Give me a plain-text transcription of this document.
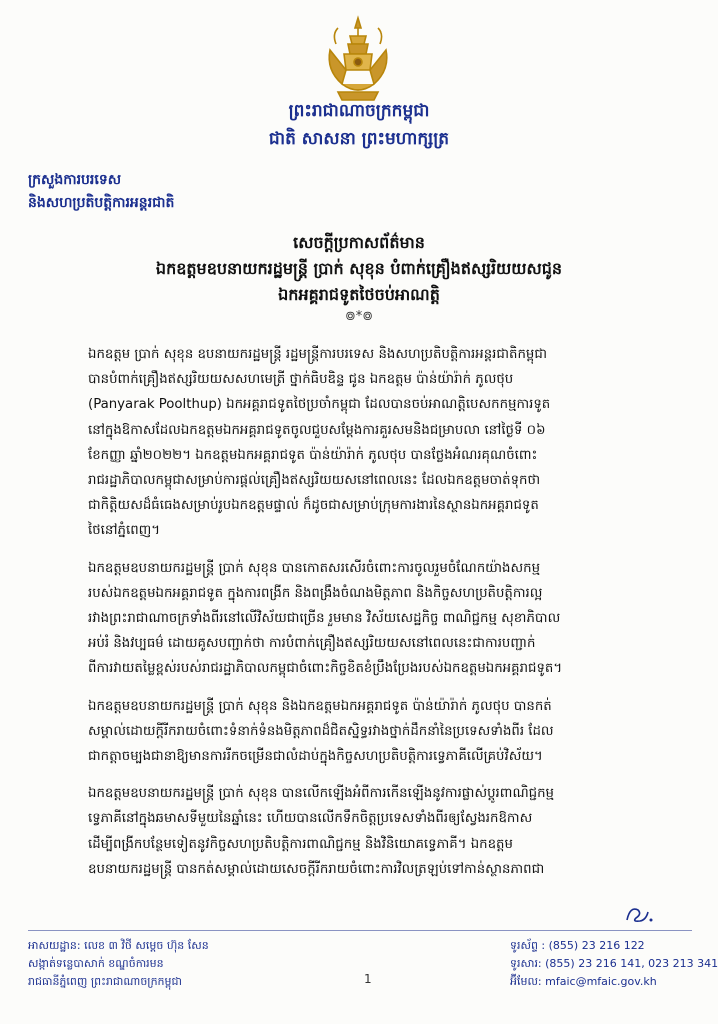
ព្រះរាជាណាចក្រកម្ពុជា
ជាតិ សាសនា ព្រះមហាក្សត្រ
ក្រសួងការបរទេស
និងសហប្រតិបត្តិការអន្តរជាតិ
សេចក្តីប្រកាសព័ត៌មាន
ឯកឧត្តមឧបនាយករដ្ឋមន្ត្រី ប្រាក់ សុខុន បំពាក់គ្រឿងឥស្សរិយយសជូន
ឯកអគ្គរាជទូតថៃចប់អាណត្តិ
៙*៙

ឯកឧត្តម ប្រាក់ សុខុន ឧបនាយករដ្ឋមន្ត្រី រដ្ឋមន្ត្រីការបរទេស និងសហប្រតិបត្តិការអន្តរជាតិកម្ពុជា
បានបំពាក់គ្រឿងឥស្សរិយយសសហមេត្រី ថ្នាក់ធិបឌិន្ទ ជូន ឯកឧត្តម ប៉ាន់យ៉ារ៉ាក់ ភូលថុប
(Panyarak Poolthup) ឯកអគ្គរាជទូតថៃប្រចាំកម្ពុជា ដែលបានចប់អាណត្តិបេសកកម្មការទូត
នៅក្នុងឱកាសដែលឯកឧត្តមឯកអគ្គរាជទូតចូលជួបសម្តែងការគួរសមនិងជម្រាបលា នៅថ្ងៃទី ០៦
ខែកញ្ញា ឆ្នាំ២០២២។ ឯកឧត្តមឯកអគ្គរាជទូត ប៉ាន់យ៉ារ៉ាក់ ភូលថុប បានថ្លែងអំណរគុណចំពោះ
រាជរដ្ឋាភិបាលកម្ពុជាសម្រាប់ការផ្តល់គ្រឿងឥស្សរិយយសនៅពេលនេះ ដែលឯកឧត្តមចាត់ទុកថា
ជាកិត្តិយសដ៏ធំធេងសម្រាប់រូបឯកឧត្តមផ្ទាល់ ក៏ដូចជាសម្រាប់ក្រុមការងារនៃស្ថានឯកអគ្គរាជទូត
ថៃនៅភ្នំពេញ។

ឯកឧត្តមឧបនាយករដ្ឋមន្ត្រី ប្រាក់ សុខុន បានកោតសរសើរចំពោះការចូលរួមចំណែកយ៉ាងសកម្ម
របស់ឯកឧត្តមឯកអគ្គរាជទូត ក្នុងការពង្រីក និងពង្រឹងចំណងមិត្តភាព និងកិច្ចសហប្រតិបត្តិការល្អ
រវាងព្រះរាជាណាចក្រទាំងពីរនៅលើវិស័យជាច្រើន រួមមាន វិស័យសេដ្ឋកិច្ច ពាណិជ្ជកម្ម សុខាភិបាល
អប់រំ និងវប្បធម៌ ដោយគូសបញ្ជាក់ថា ការបំពាក់គ្រឿងឥស្សរិយយសនៅពេលនេះជាការបញ្ជាក់
ពីការវាយតម្លៃខ្ពស់របស់រាជរដ្ឋាភិបាលកម្ពុជាចំពោះកិច្ចខិតខំប្រឹងប្រែងរបស់ឯកឧត្តមឯកអគ្គរាជទូត។

ឯកឧត្តមឧបនាយករដ្ឋមន្ត្រី ប្រាក់ សុខុន និងឯកឧត្តមឯកអគ្គរាជទូត ប៉ាន់យ៉ារ៉ាក់ ភូលថុប បានកត់
សម្គាល់ដោយក្តីរីករាយចំពោះទំនាក់ទំនងមិត្តភាពដ៏ជិតស្និទ្ធរវាងថ្នាក់ដឹកនាំនៃប្រទេសទាំងពីរ ដែល
ជាកត្តាចម្បងជានាឱ្យមានការរីកចម្រើនជាលំដាប់ក្នុងកិច្ចសហប្រតិបត្តិការទ្វេភាគីលើគ្រប់វិស័យ។

ឯកឧត្តមឧបនាយករដ្ឋមន្ត្រី ប្រាក់ សុខុន បានលើកឡើងអំពីការកើនឡើងនូវការផ្លាស់ប្តូរពាណិជ្ជកម្ម
ទ្វេភាគីនៅក្នុងឆមាសទីមួយនៃឆ្នាំនេះ ហើយបានលើកទឹកចិត្តប្រទេសទាំងពីរឲ្យស្វែងរកឱកាស
ដើម្បីពង្រីកបន្ថែមទៀតនូវកិច្ចសហប្រតិបត្តិការពាណិជ្ជកម្ម និងវិនិយោគទ្វេភាគី។ ឯកឧត្តម
ឧបនាយករដ្ឋមន្ត្រី បានកត់សម្គាល់ដោយសេចក្តីរីករាយចំពោះការវិលត្រឡប់ទៅកាន់ស្ថានភាពជា

អាសយដ្ឋាន: លេខ ៣ វិថី សម្តេច ហ៊ុន សែន
សង្កាត់ទន្លេបាសាក់ ខណ្ឌចំការមន
រាជធានីភ្នំពេញ ព្រះរាជាណាចក្រកម្ពុជា	1
ទូរស័ព្ទ : (855) 23 216 122
ទូរសារ: (855) 23 216 141, 023 213 341
អ៊ីមែល: mfaic@mfaic.gov.kh
